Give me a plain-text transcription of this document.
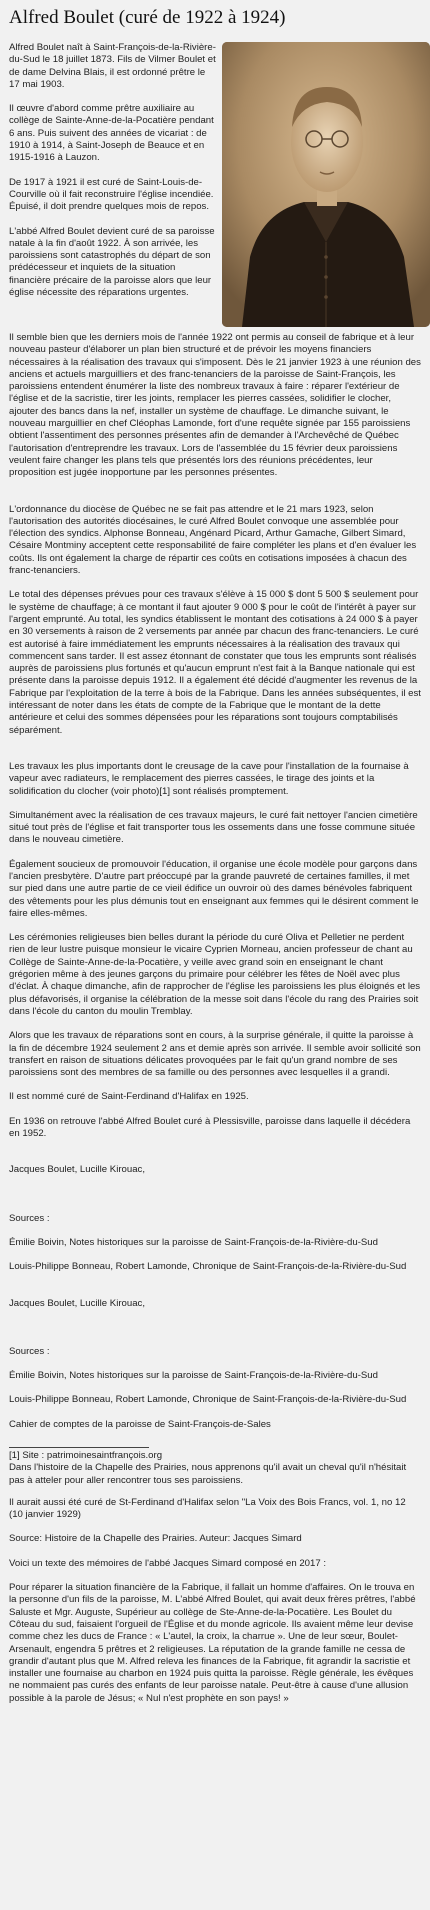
Alfred Boulet (curé de 1922 à 1924)

Alfred Boulet naît à Saint-François-de-la-Rivière-du-Sud le 18 juillet 1873. Fils de Vilmer Boulet et de dame Delvina Blais, il est ordonné prêtre le 17 mai 1903.

Il œuvre d'abord comme prêtre auxiliaire au collège de Sainte-Anne-de-la-Pocatière pendant 6 ans. Puis suivent des années de vicariat : de 1910 à 1914, à Saint-Joseph de Beauce et en 1915-1916 à Lauzon.

De 1917 à 1921 il est curé de Saint-Louis-de-Courville où il fait reconstruire l'église incendiée. Épuisé, il doit prendre quelques mois de repos.

L'abbé Alfred Boulet devient curé de sa paroisse natale à la fin d'août 1922. À son arrivée, les paroissiens sont catastrophés du départ de son prédécesseur et inquiets de la situation financière précaire de la paroisse alors que leur église nécessite des réparations urgentes.

Il semble bien que les derniers mois de l'année 1922 ont permis au conseil de fabrique et à leur nouveau pasteur d'élaborer un plan bien structuré et de prévoir les moyens financiers nécessaires à la réalisation des travaux qui s'imposent. Dès le 21 janvier 1923 à une réunion des anciens et actuels marguilliers et des franc-tenanciers de la paroisse de Saint-François, les paroissiens entendent énumérer la liste des nombreux travaux à faire : réparer l'extérieur de l'église et de la sacristie, tirer les joints, remplacer les pierres cassées, solidifier le clocher, ajouter des bancs dans la nef, installer un système de chauffage. Le dimanche suivant, le nouveau marguillier en chef Cléophas Lamonde, fort d'une requête signée par 155 paroissiens obtient l'assentiment des personnes présentes afin de demander à l'Archevêché de Québec l'autorisation d'entreprendre les travaux. Lors de l'assemblée du 15 février deux paroissiens veulent faire changer les plans tels que présentés lors des réunions précédentes, leur proposition est jugée inopportune par les personnes présentes.

L'ordonnance du diocèse de Québec ne se fait pas attendre et le 21 mars 1923, selon l'autorisation des autorités diocésaines, le curé Alfred Boulet convoque une assemblée pour l'élection des syndics. Alphonse Bonneau, Angénard Picard, Arthur Gamache, Gilbert Simard, Césaire Montminy acceptent cette responsabilité de faire compléter les plans et d'en évaluer les coûts. Ils ont également la charge de répartir ces coûts en cotisations imposées à chacun des franc-tenanciers.

Le total des dépenses prévues pour ces travaux s'élève à 15 000 $ dont 5 500 $ seulement pour le système de chauffage; à ce montant il faut ajouter 9 000 $ pour le coût de l'intérêt à payer sur l'argent emprunté. Au total, les syndics établissent le montant des cotisations à 24 000 $ à payer en 30 versements à raison de 2 versements par année par chacun des franc-tenanciers. Le curé est autorisé à faire immédiatement les emprunts nécessaires à la réalisation des travaux qui commencent sans tarder. Il est assez étonnant de constater que tous les emprunts sont réalisés auprès de paroissiens plus fortunés et qu'aucun emprunt n'est fait à la Banque nationale qui est présente dans la paroisse depuis 1912. Il a également été décidé d'augmenter les revenus de la Fabrique par l'exploitation de la terre à bois de la Fabrique. Dans les années subséquentes, il est intéressant de noter dans les états de compte de la Fabrique que le montant de la dette antérieure et celui des sommes dépensées pour les réparations sont toujours comptabilisés séparément.

Les travaux les plus importants dont le creusage de la cave pour l'installation de la fournaise à vapeur avec radiateurs, le remplacement des pierres cassées, le tirage des joints et la solidification du clocher (voir photo)[1] sont réalisés promptement.

Simultanément avec la réalisation de ces travaux majeurs, le curé fait nettoyer l'ancien cimetière situé tout près de l'église et fait transporter tous les ossements dans une fosse commune située dans le nouveau cimetière.

Également soucieux de promouvoir l'éducation, il organise une école modèle pour garçons dans l'ancien presbytère. D'autre part préoccupé par la grande pauvreté de certaines familles, il met sur pied dans une autre partie de ce vieil édifice un ouvroir où des dames bénévoles fabriquent des vêtements pour les plus démunis tout en enseignant aux femmes qui le désirent comment le faire elles-mêmes.

Les cérémonies religieuses bien belles durant la période du curé Oliva et Pelletier ne perdent rien de leur lustre puisque monsieur le vicaire Cyprien Morneau, ancien professeur de chant au Collège de Sainte-Anne-de-la-Pocatière, y veille avec grand soin en enseignant le chant grégorien même à des jeunes garçons du primaire pour célébrer les fêtes de Noël avec plus d'éclat. À chaque dimanche, afin de rapprocher de l'église les paroissiens les plus éloignés et les plus défavorisés, il organise la célébration de la messe soit dans l'école du rang des Prairies soit dans l'école du canton du moulin Tremblay.

Alors que les travaux de réparations sont en cours, à la surprise générale, il quitte la paroisse à la fin de décembre 1924 seulement 2 ans et demie après son arrivée. Il semble avoir sollicité son transfert en raison de situations délicates provoquées par le fait qu'un grand nombre de ses paroissiens sont des membres de sa famille ou des personnes avec lesquelles il a grandi.

Il est nommé curé de Saint-Ferdinand d'Halifax en 1925.

En 1936 on retrouve l'abbé Alfred Boulet curé à Plessisville, paroisse dans laquelle il décédera en 1952.

Jacques Boulet, Lucille Kirouac,

Sources :

Émilie Boivin, Notes historiques sur la paroisse de Saint-François-de-la-Rivière-du-Sud

Louis-Philippe Bonneau, Robert Lamonde, Chronique de Saint-François-de-la-Rivière-du-Sud

Jacques Boulet, Lucille Kirouac,

Sources :

Émilie Boivin, Notes historiques sur la paroisse de Saint-François-de-la-Rivière-du-Sud

Louis-Philippe Bonneau, Robert Lamonde, Chronique de Saint-François-de-la-Rivière-du-Sud

Cahier de comptes de la paroisse de Saint-François-de-Sales

[1] Site : patrimoinesaintfrançois.org
Dans l'histoire de la Chapelle des Prairies, nous apprenons qu'il avait un cheval qu'il n'hésitait pas à atteler pour aller rencontrer tous ses paroissiens.

Il aurait aussi été curé de St-Ferdinand d'Halifax selon "La Voix des Bois Francs, vol. 1, no 12 (10 janvier 1929)

Source: Histoire de la Chapelle des Prairies. Auteur: Jacques Simard

Voici un texte des mémoires de l'abbé Jacques Simard composé en 2017 :

Pour réparer la situation financière de la Fabrique, il fallait un homme d'affaires. On le trouva en la personne d'un fils de la paroisse, M. L'abbé Alfred Boulet, qui avait deux frères prêtres, l'abbé Saluste et Mgr. Auguste, Supérieur au collège de Ste-Anne-de-la-Pocatière. Les Boulet du Côteau du sud, faisaient l'orgueil de l'Église et du monde agricole. Ils avaient même leur devise comme chez les ducs de France : « L'autel, la croix, la charrue ». Une de leur sœur, Boulet- Arsenault, engendra 5 prêtres et 2 religieuses. La réputation de la grande famille ne cessa de grandir d'autant plus que M. Alfred releva les finances de la Fabrique, fit agrandir la sacristie et installer une fournaise au charbon en 1924 puis quitta la paroisse. Règle générale, les évêques ne nommaient pas curés des enfants de leur paroisse natale. Peut-être à cause d'une allusion possible à la parole de Jésus; « Nul n'est prophète en son pays! »
